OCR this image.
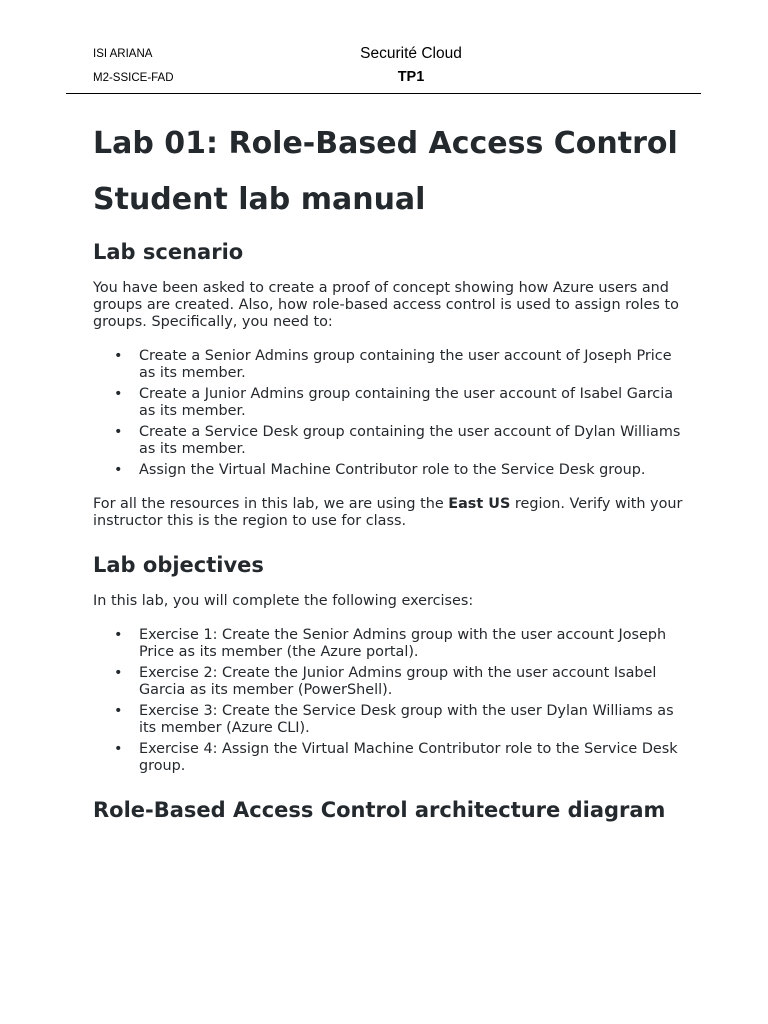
ISI ARIANA
M2-SSICE-FAD
Securité Cloud
TP1
Lab 01: Role-Based Access Control
Student lab manual
Lab scenario

You have been asked to create a proof of concept showing how Azure users and groups are created. Also, how role-based access control is used to assign roles to groups. Specifically, you need to:

• Create a Senior Admins group containing the user account of Joseph Price as its member.
• Create a Junior Admins group containing the user account of Isabel Garcia as its member.
• Create a Service Desk group containing the user account of Dylan Williams as its member.
• Assign the Virtual Machine Contributor role to the Service Desk group.

For all the resources in this lab, we are using the East US region. Verify with your instructor this is the region to use for class.

Lab objectives

In this lab, you will complete the following exercises:

• Exercise 1: Create the Senior Admins group with the user account Joseph Price as its member (the Azure portal).
• Exercise 2: Create the Junior Admins group with the user account Isabel Garcia as its member (PowerShell).
• Exercise 3: Create the Service Desk group with the user Dylan Williams as its member (Azure CLI).
• Exercise 4: Assign the Virtual Machine Contributor role to the Service Desk group.
Role-Based Access Control architecture diagram
